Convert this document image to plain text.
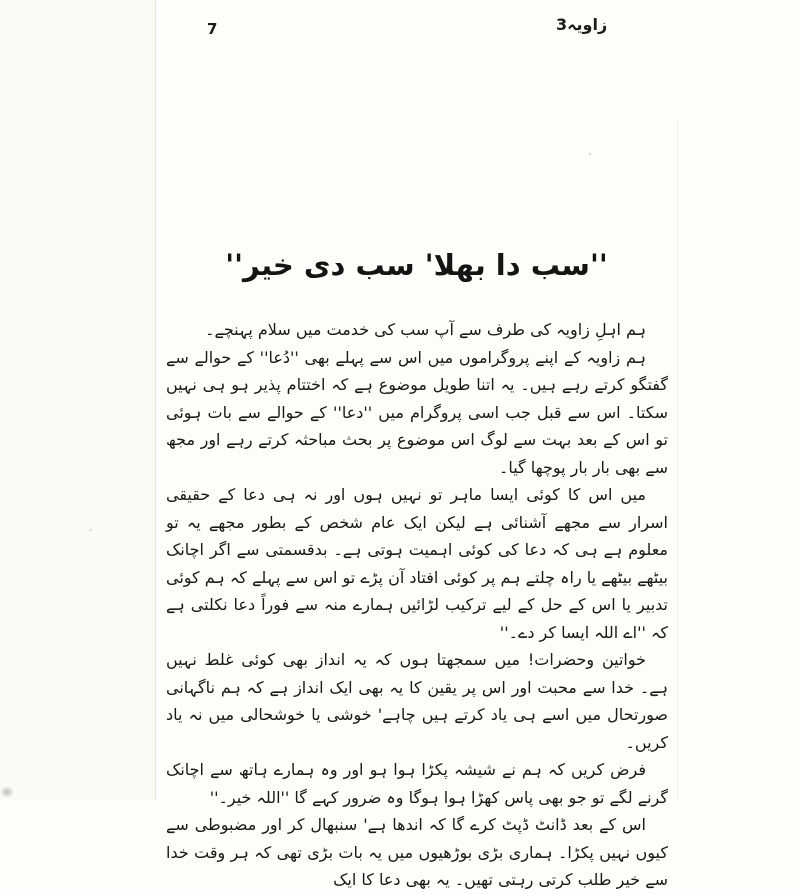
7	زاویہ3
''سب دا بھلا' سب دی خیر''

ہم اہلِ زاویہ کی طرف سے آپ سب کی خدمت میں سلام پہنچے۔

ہم زاویہ کے اپنے پروگراموں میں اس سے پہلے بھی ''دُعا'' کے حوالے سے گفتگو کرتے رہے ہیں۔ یہ اتنا طویل موضوع ہے کہ اختتام پذیر ہو ہی نہیں سکتا۔ اس سے قبل جب اسی پروگرام میں ''دعا'' کے حوالے سے بات ہوئی تو اس کے بعد بہت سے لوگ اس موضوع پر بحث مباحثہ کرتے رہے اور مجھ سے بھی بار بار پوچھا گیا۔

میں اس کا کوئی ایسا ماہر تو نہیں ہوں اور نہ ہی دعا کے حقیقی اسرار سے مجھے آشنائی ہے لیکن ایک عام شخص کے بطور مجھے یہ تو معلوم ہے ہی کہ دعا کی کوئی اہمیت ہوتی ہے۔ بدقسمتی سے اگر اچانک بیٹھے بیٹھے یا راہ چلتے ہم پر کوئی افتاد آن پڑے تو اس سے پہلے کہ ہم کوئی تدبیر یا اس کے حل کے لیے ترکیب لڑائیں ہمارے منہ سے فوراً دعا نکلتی ہے کہ ''اے اللہ ایسا کر دے۔''

خواتین وحضرات! میں سمجھتا ہوں کہ یہ انداز بھی کوئی غلط نہیں ہے۔ خدا سے محبت اور اس پر یقین کا یہ بھی ایک انداز ہے کہ ہم ناگہانی صورتحال میں اسے ہی یاد کرتے ہیں چاہے' خوشی یا خوشحالی میں نہ یاد کریں۔

فرض کریں کہ ہم نے شیشہ پکڑا ہوا ہو اور وہ ہمارے ہاتھ سے اچانک گرنے لگے تو جو بھی پاس کھڑا ہوا ہوگا وہ ضرور کہے گا ''اللہ خیر۔''

اس کے بعد ڈانٹ ڈپٹ کرے گا کہ اندھا ہے' سنبھال کر اور مضبوطی سے کیوں نہیں پکڑا۔ ہماری بڑی بوڑھیوں میں یہ بات بڑی تھی کہ ہر وقت خدا سے خیر طلب کرتی رہتی تھیں۔ یہ بھی دعا کا ایک
